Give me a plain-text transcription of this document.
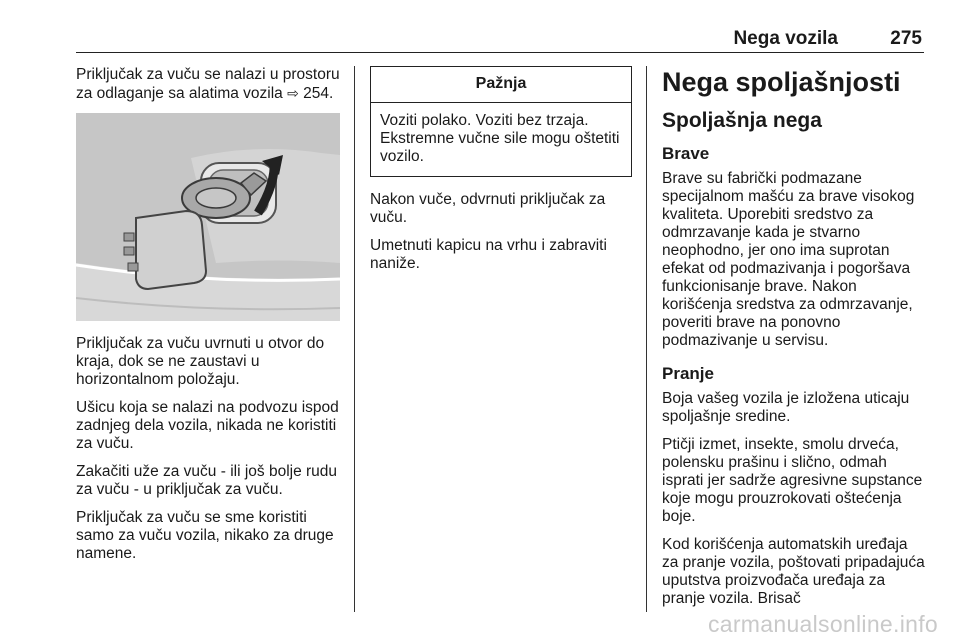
Nega vozila	275

Priključak za vuču se nalazi u prostoru za odlaganje sa alatima vozila ⇨ 254.

Priključak za vuču uvrnuti u otvor do kraja, dok se ne zaustavi u horizontalnom položaju.

Ušicu koja se nalazi na podvozu ispod zadnjeg dela vozila, nikada ne koristiti za vuču.

Zakačiti uže za vuču - ili još bolje rudu za vuču - u priključak za vuču.

Priključak za vuču se sme koristiti samo za vuču vozila, nikako za druge namene.

Pažnja
Voziti polako. Voziti bez trzaja. Ekstremne vučne sile mogu oštetiti vozilo.

Nakon vuče, odvrnuti priključak za vuču.

Umetnuti kapicu na vrhu i zabraviti naniže.

Nega spoljašnjosti
Spoljašnja nega
Brave

Brave su fabrički podmazane specijalnom mašću za brave visokog kvaliteta. Uporebiti sredstvo za odmrzavanje kada je stvarno neophodno, jer ono ima suprotan efekat od podmazivanja i pogoršava funkcionisanje brave. Nakon korišćenja sredstva za odmrzavanje, poveriti brave na ponovno podmazivanje u servisu.

Pranje

Boja vašeg vozila je izložena uticaju spoljašnje sredine.

Ptičji izmet, insekte, smolu drveća, polensku prašinu i slično, odmah isprati jer sadrže agresivne supstance koje mogu prouzrokovati oštećenja boje.

Kod korišćenja automatskih uređaja za pranje vozila, poštovati pripadajuća uputstva proizvođača uređaja za pranje vozila. Brisač

carmanualsonline.info
